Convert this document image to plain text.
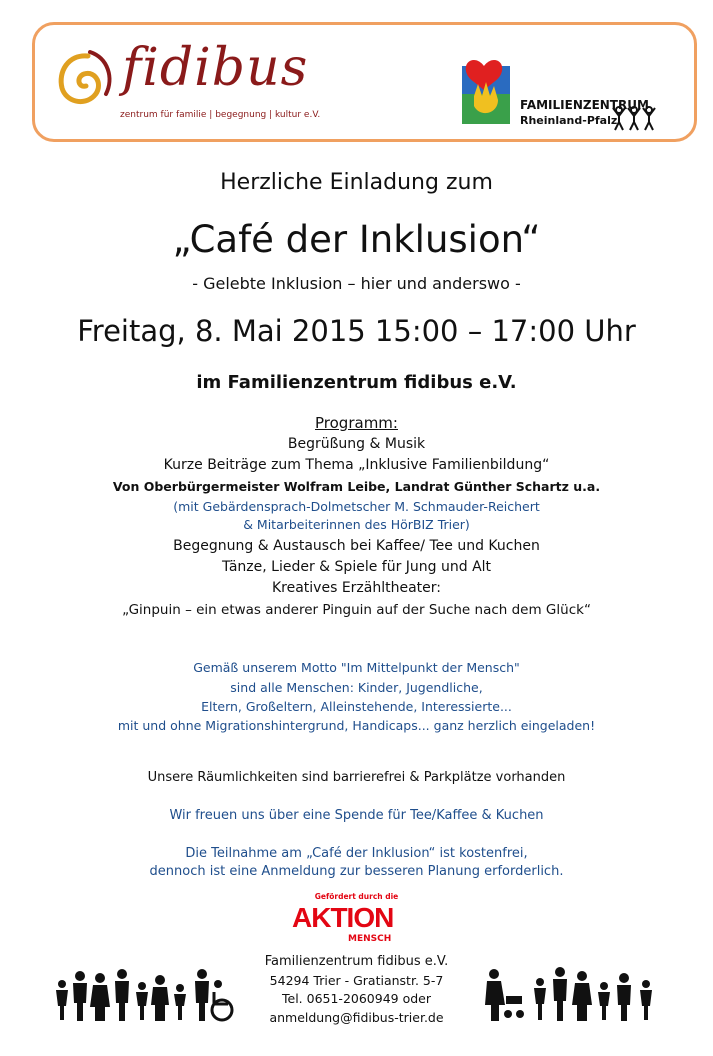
fidibus
zentrum für familie | begegnung | kultur e.V.
FAMILIENZENTRUM
Rheinland-Pfalz
Herzliche Einladung zum
„Café der Inklusion“
- Gelebte Inklusion – hier und anderswo -
Freitag, 8. Mai 2015 15:00 – 17:00 Uhr
im Familienzentrum fidibus e.V.
Programm:
Begrüßung & Musik
Kurze Beiträge zum Thema „Inklusive Familienbildung“
Von Oberbürgermeister Wolfram Leibe, Landrat Günther Schartz u.a.
(mit Gebärdensprach-Dolmetscher M. Schmauder-Reichert
& Mitarbeiterinnen des HörBIZ Trier)
Begegnung & Austausch bei Kaffee/ Tee und Kuchen
Tänze, Lieder & Spiele für Jung und Alt
Kreatives Erzähltheater:
„Ginpuin – ein etwas anderer Pinguin auf der Suche nach dem Glück“
Gemäß unserem Motto "Im Mittelpunkt der Mensch"
sind alle Menschen: Kinder, Jugendliche,
Eltern, Großeltern, Alleinstehende, Interessierte...
mit und ohne Migrationshintergrund, Handicaps... ganz herzlich eingeladen!
Unsere Räumlichkeiten sind barrierefrei & Parkplätze vorhanden
Wir freuen uns über eine Spende für Tee/Kaffee & Kuchen
Die Teilnahme am „Café der Inklusion“ ist kostenfrei,
dennoch ist eine Anmeldung zur besseren Planung erforderlich.
Gefördert durch die
AKTION
MENSCH
Familienzentrum fidibus e.V.
54294 Trier - Gratianstr. 5-7
Tel. 0651-2060949 oder
anmeldung@fidibus-trier.de
